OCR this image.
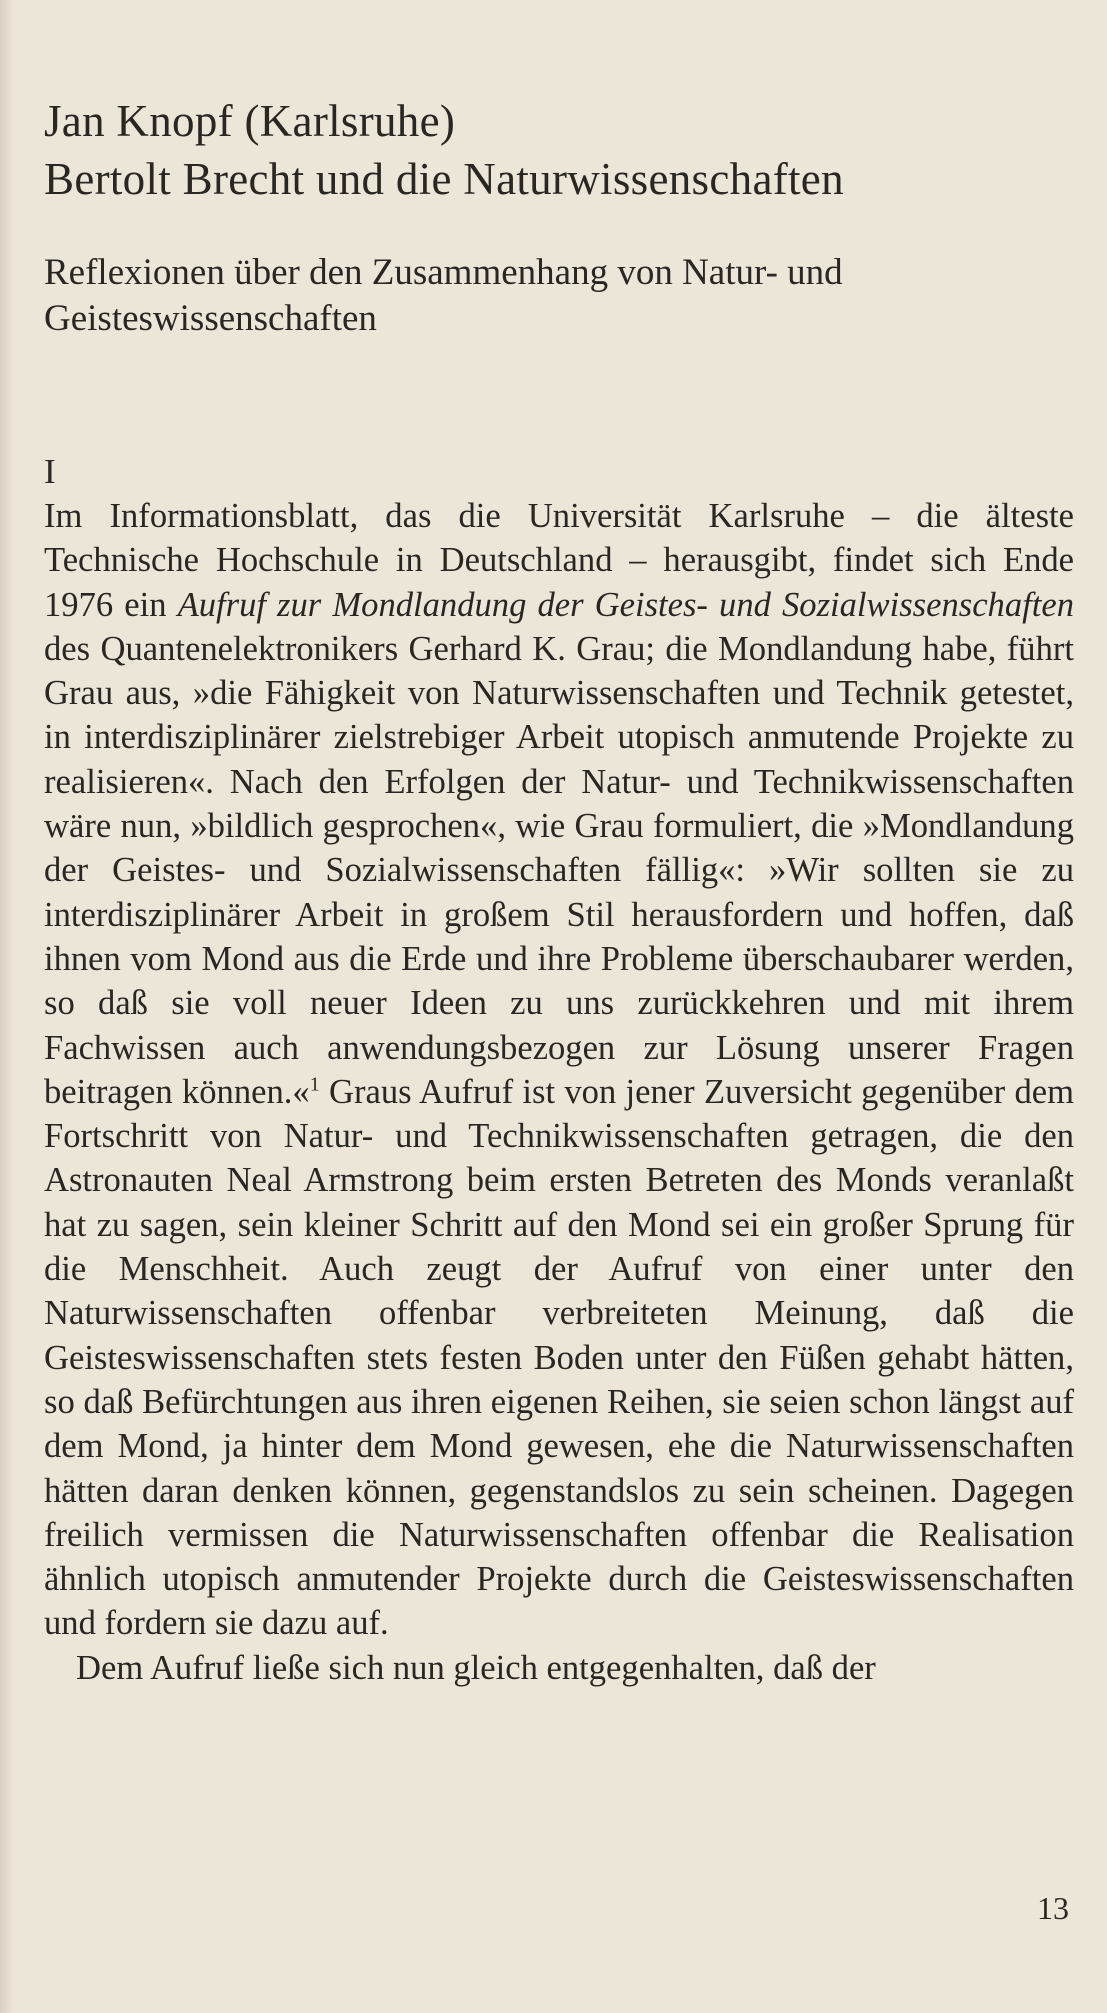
Jan Knopf (Karlsruhe)
Bertolt Brecht und die Naturwissenschaften
Reflexionen über den Zusammenhang von Natur- und Geisteswissenschaften
I

Im Informationsblatt, das die Universität Karlsruhe – die älteste Technische Hochschule in Deutschland – herausgibt, findet sich Ende 1976 ein Aufruf zur Mondlandung der Geistes- und Sozialwissenschaften des Quantenelektronikers Gerhard K. Grau; die Mondlandung habe, führt Grau aus, »die Fähigkeit von Naturwissenschaften und Technik getestet, in interdisziplinärer zielstrebiger Arbeit utopisch anmutende Projekte zu realisieren«. Nach den Erfolgen der Natur- und Technikwissenschaften wäre nun, »bildlich gesprochen«, wie Grau formuliert, die »Mondlandung der Geistes- und Sozialwissenschaften fällig«: »Wir sollten sie zu interdisziplinärer Arbeit in großem Stil herausfordern und hoffen, daß ihnen vom Mond aus die Erde und ihre Probleme überschaubarer werden, so daß sie voll neuer Ideen zu uns zurückkehren und mit ihrem Fachwissen auch anwendungsbezogen zur Lösung unserer Fragen beitragen können.«$^1$ Graus Aufruf ist von jener Zuversicht gegenüber dem Fortschritt von Natur- und Technikwissenschaften getragen, die den Astronauten Neal Armstrong beim ersten Betreten des Monds veranlaßt hat zu sagen, sein kleiner Schritt auf den Mond sei ein großer Sprung für die Menschheit. Auch zeugt der Aufruf von einer unter den Naturwissenschaften offenbar verbreiteten Meinung, daß die Geisteswissenschaften stets festen Boden unter den Füßen gehabt hätten, so daß Befürchtungen aus ihren eigenen Reihen, sie seien schon längst auf dem Mond, ja hinter dem Mond gewesen, ehe die Naturwissenschaften hätten daran denken können, gegenstandslos zu sein scheinen. Dagegen freilich vermissen die Naturwissenschaften offenbar die Realisation ähnlich utopisch anmutender Projekte durch die Geisteswissenschaften und fordern sie dazu auf.

Dem Aufruf ließe sich nun gleich entgegenhalten, daß der

13
